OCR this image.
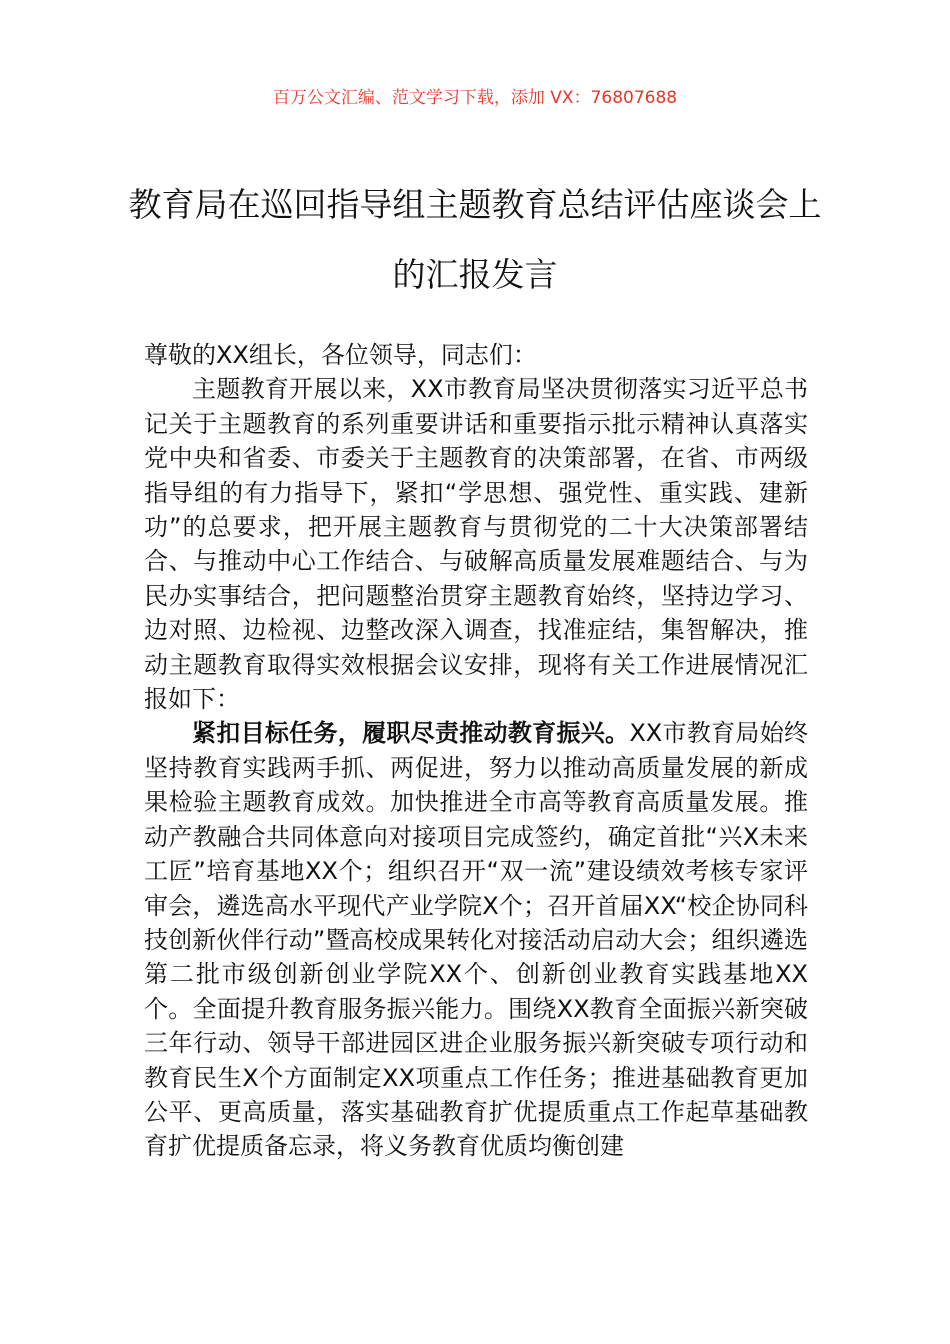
百万公文汇编、范文学习下载，添加 VX：76807688
教育局在巡回指导组主题教育总结评估座谈会上的汇报发言

尊敬的XX组长，各位领导，同志们：

主题教育开展以来，XX市教育局坚决贯彻落实习近平总书记关于主题教育的系列重要讲话和重要指示批示精神认真落实党中央和省委、市委关于主题教育的决策部署，在省、市两级指导组的有力指导下，紧扣“学思想、强党性、重实践、建新功”的总要求，把开展主题教育与贯彻党的二十大决策部署结合、与推动中心工作结合、与破解高质量发展难题结合、与为民办实事结合，把问题整治贯穿主题教育始终，坚持边学习、边对照、边检视、边整改深入调查，找准症结，集智解决，推动主题教育取得实效根据会议安排，现将有关工作进展情况汇报如下：

紧扣目标任务，履职尽责推动教育振兴。XX市教育局始终坚持教育实践两手抓、两促进，努力以推动高质量发展的新成果检验主题教育成效。加快推进全市高等教育高质量发展。推动产教融合共同体意向对接项目完成签约，确定首批“兴X未来工匠”培育基地XX个；组织召开“双一流”建设绩效考核专家评审会，遴选高水平现代产业学院X个；召开首届XX“校企协同科技创新伙伴行动”暨高校成果转化对接活动启动大会；组织遴选第二批市级创新创业学院XX个、创新创业教育实践基地XX个。全面提升教育服务振兴能力。围绕XX教育全面振兴新突破三年行动、领导干部进园区进企业服务振兴新突破专项行动和教育民生X个方面制定XX项重点工作任务；推进基础教育更加公平、更高质量，落实基础教育扩优提质重点工作起草基础教育扩优提质备忘录，将义务教育优质均衡创建
